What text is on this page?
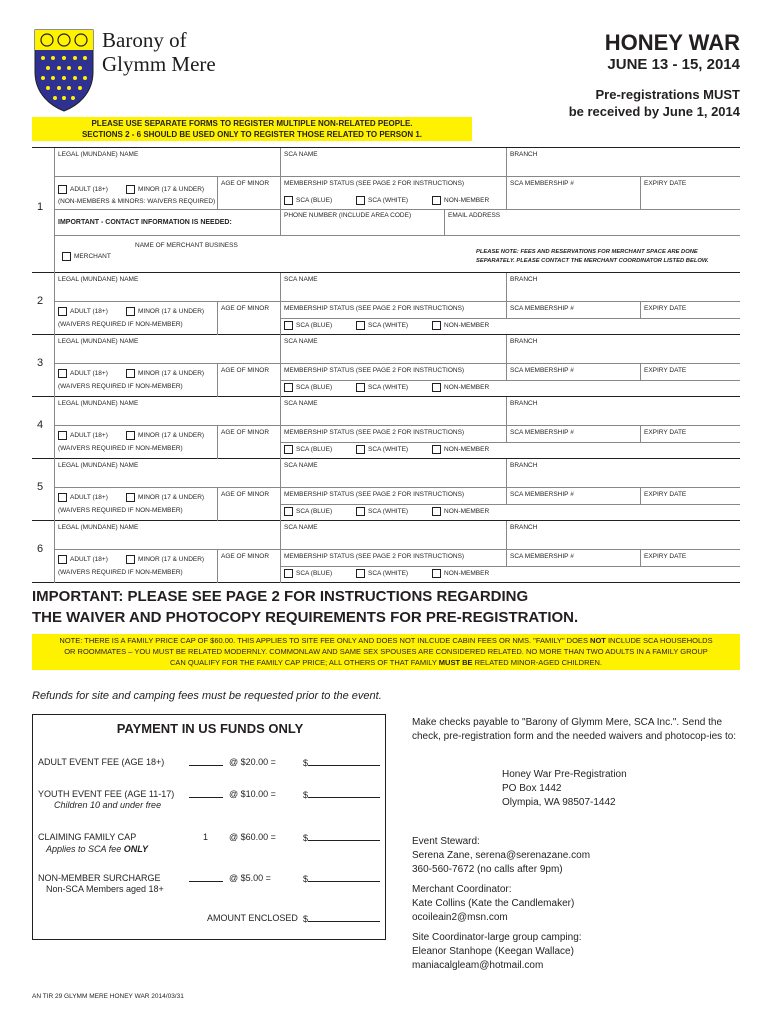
Barony of
Glymm Mere
HONEY WAR
JUNE 13 - 15, 2014
Pre-registrations MUST
be received by June 1, 2014
PLEASE USE SEPARATE FORMS TO REGISTER MULTIPLE NON-RELATED PEOPLE.
SECTIONS 2 - 6 SHOULD BE USED ONLY TO REGISTER THOSE RELATED TO PERSON 1.
1
LEGAL (MUNDANE) NAME	SCA NAME	BRANCH
ADULT (18+)	MINOR (17 & UNDER)
(NON-MEMBERS & MINORS: WAIVERS REQUIRED)
AGE OF MINOR MEMBERSHIP STATUS (SEE PAGE 2 FOR INSTRUCTIONS)	SCA MEMBERSHIP #	EXPIRY DATE
SCA (BLUE)	SCA (WHITE)	NON-MEMBER
IMPORTANT - CONTACT INFORMATION IS NEEDED:
PHONE NUMBER (INCLUDE AREA CODE)	EMAIL ADDRESS
NAME OF MERCHANT BUSINESS
MERCHANT
PLEASE NOTE: FEES AND RESERVATIONS FOR MERCHANT SPACE ARE DONE
SEPARATELY. PLEASE CONTACT THE MERCHANT COORDINATOR LISTED BELOW.
2
LEGAL (MUNDANE) NAME	SCA NAME	BRANCH
ADULT (18+)	MINOR (17 & UNDER)
(WAIVERS REQUIRED IF NON-MEMBER)
AGE OF MINOR MEMBERSHIP STATUS (SEE PAGE 2 FOR INSTRUCTIONS)	SCA MEMBERSHIP #	EXPIRY DATE
SCA (BLUE)	SCA (WHITE)	NON-MEMBER
3
LEGAL (MUNDANE) NAME	SCA NAME	BRANCH
ADULT (18+)	MINOR (17 & UNDER)
(WAIVERS REQUIRED IF NON-MEMBER)
AGE OF MINOR MEMBERSHIP STATUS (SEE PAGE 2 FOR INSTRUCTIONS)	SCA MEMBERSHIP #	EXPIRY DATE
SCA (BLUE)	SCA (WHITE)	NON-MEMBER
4
LEGAL (MUNDANE) NAME	SCA NAME	BRANCH
ADULT (18+)	MINOR (17 & UNDER)
(WAIVERS REQUIRED IF NON-MEMBER)
AGE OF MINOR MEMBERSHIP STATUS (SEE PAGE 2 FOR INSTRUCTIONS)	SCA MEMBERSHIP #	EXPIRY DATE
SCA (BLUE)	SCA (WHITE)	NON-MEMBER
5
LEGAL (MUNDANE) NAME	SCA NAME	BRANCH
ADULT (18+)	MINOR (17 & UNDER)
(WAIVERS REQUIRED IF NON-MEMBER)
AGE OF MINOR MEMBERSHIP STATUS (SEE PAGE 2 FOR INSTRUCTIONS)	SCA MEMBERSHIP #	EXPIRY DATE
SCA (BLUE)	SCA (WHITE)	NON-MEMBER
6
LEGAL (MUNDANE) NAME	SCA NAME	BRANCH
ADULT (18+)	MINOR (17 & UNDER)
(WAIVERS REQUIRED IF NON-MEMBER)
AGE OF MINOR MEMBERSHIP STATUS (SEE PAGE 2 FOR INSTRUCTIONS)	SCA MEMBERSHIP #	EXPIRY DATE
SCA (BLUE)	SCA (WHITE)	NON-MEMBER
IMPORTANT: PLEASE SEE PAGE 2 FOR INSTRUCTIONS REGARDING
THE WAIVER AND PHOTOCOPY REQUIREMENTS FOR PRE-REGISTRATION.
NOTE: THERE IS A FAMILY PRICE CAP OF $60.00. THIS APPLIES TO SITE FEE ONLY AND DOES NOT INLCUDE CABIN FEES OR NMS. "FAMILY" DOES NOT INCLUDE SCA HOUSEHOLDS
OR ROOMMATES – YOU MUST BE RELATED MODERNLY. COMMONLAW AND SAME SEX SPOUSES ARE CONSIDERED RELATED. NO MORE THAN TWO ADULTS IN A FAMILY GROUP
CAN QUALIFY FOR THE FAMILY CAP PRICE; ALL OTHERS OF THAT FAMILY MUST BE RELATED MINOR-AGED CHILDREN.
Refunds for site and camping fees must be requested prior to the event.
PAYMENT IN US FUNDS ONLY
ADULT EVENT FEE (AGE 18+)	@ $20.00 =	$
YOUTH EVENT FEE (AGE 11-17)
Children 10 and under free
@ $10.00 =	$
CLAIMING FAMILY CAP
Applies to SCA fee ONLY
1 @ $60.00 =	$
NON-MEMBER SURCHARGE
Non-SCA Members aged 18+
@ $5.00 =	$
AMOUNT ENCLOSED $
Make checks payable to "Barony of Glymm Mere, SCA Inc.". Send the check, pre-registration form and the needed waivers and photocop-ies to:
Honey War Pre-Registration
PO Box 1442
Olympia, WA 98507-1442
Event Steward:
Serena Zane, serena@serenazane.com
360-560-7672 (no calls after 9pm)
Merchant Coordinator:
Kate Collins (Kate the Candlemaker)
ocoileain2@msn.com
Site Coordinator-large group camping:
Eleanor Stanhope (Keegan Wallace)
maniacalgleam@hotmail.com
AN TIR 29 GLYMM MERE HONEY WAR 2014/03/31
